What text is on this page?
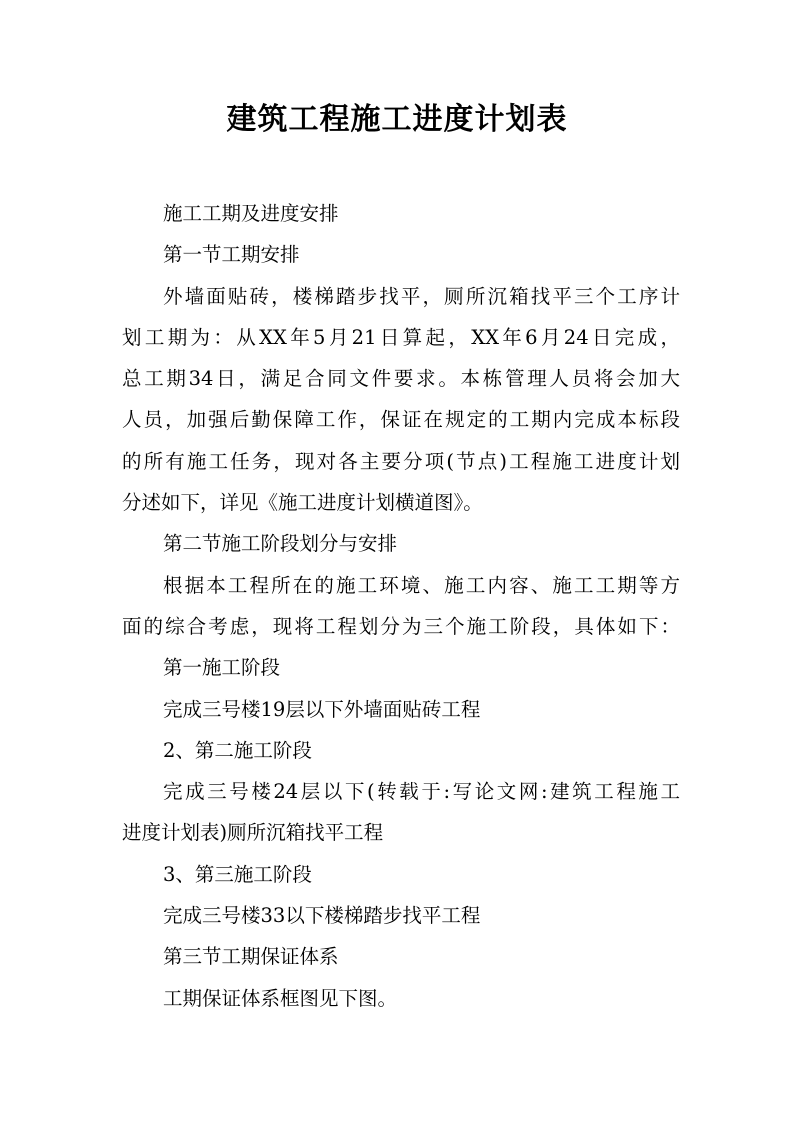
建筑工程施工进度计划表

施工工期及进度安排

第一节工期安排

外墙面贴砖，楼梯踏步找平，厕所沉箱找平三个工序计

划工期为：从XX年5月21日算起，XX年6月24日完成，

总工期34日，满足合同文件要求。本栋管理人员将会加大

人员，加强后勤保障工作，保证在规定的工期内完成本标段

的所有施工任务，现对各主要分项(节点)工程施工进度计划

分述如下，详见《施工进度计划横道图》。

第二节施工阶段划分与安排

根据本工程所在的施工环境、施工内容、施工工期等方

面的综合考虑，现将工程划分为三个施工阶段，具体如下：

第一施工阶段

完成三号楼19层以下外墙面贴砖工程

2、第二施工阶段

完成三号楼24层以下(转载于:写论文网:建筑工程施工

进度计划表)厕所沉箱找平工程

3、第三施工阶段

完成三号楼33以下楼梯踏步找平工程

第三节工期保证体系

工期保证体系框图见下图。
